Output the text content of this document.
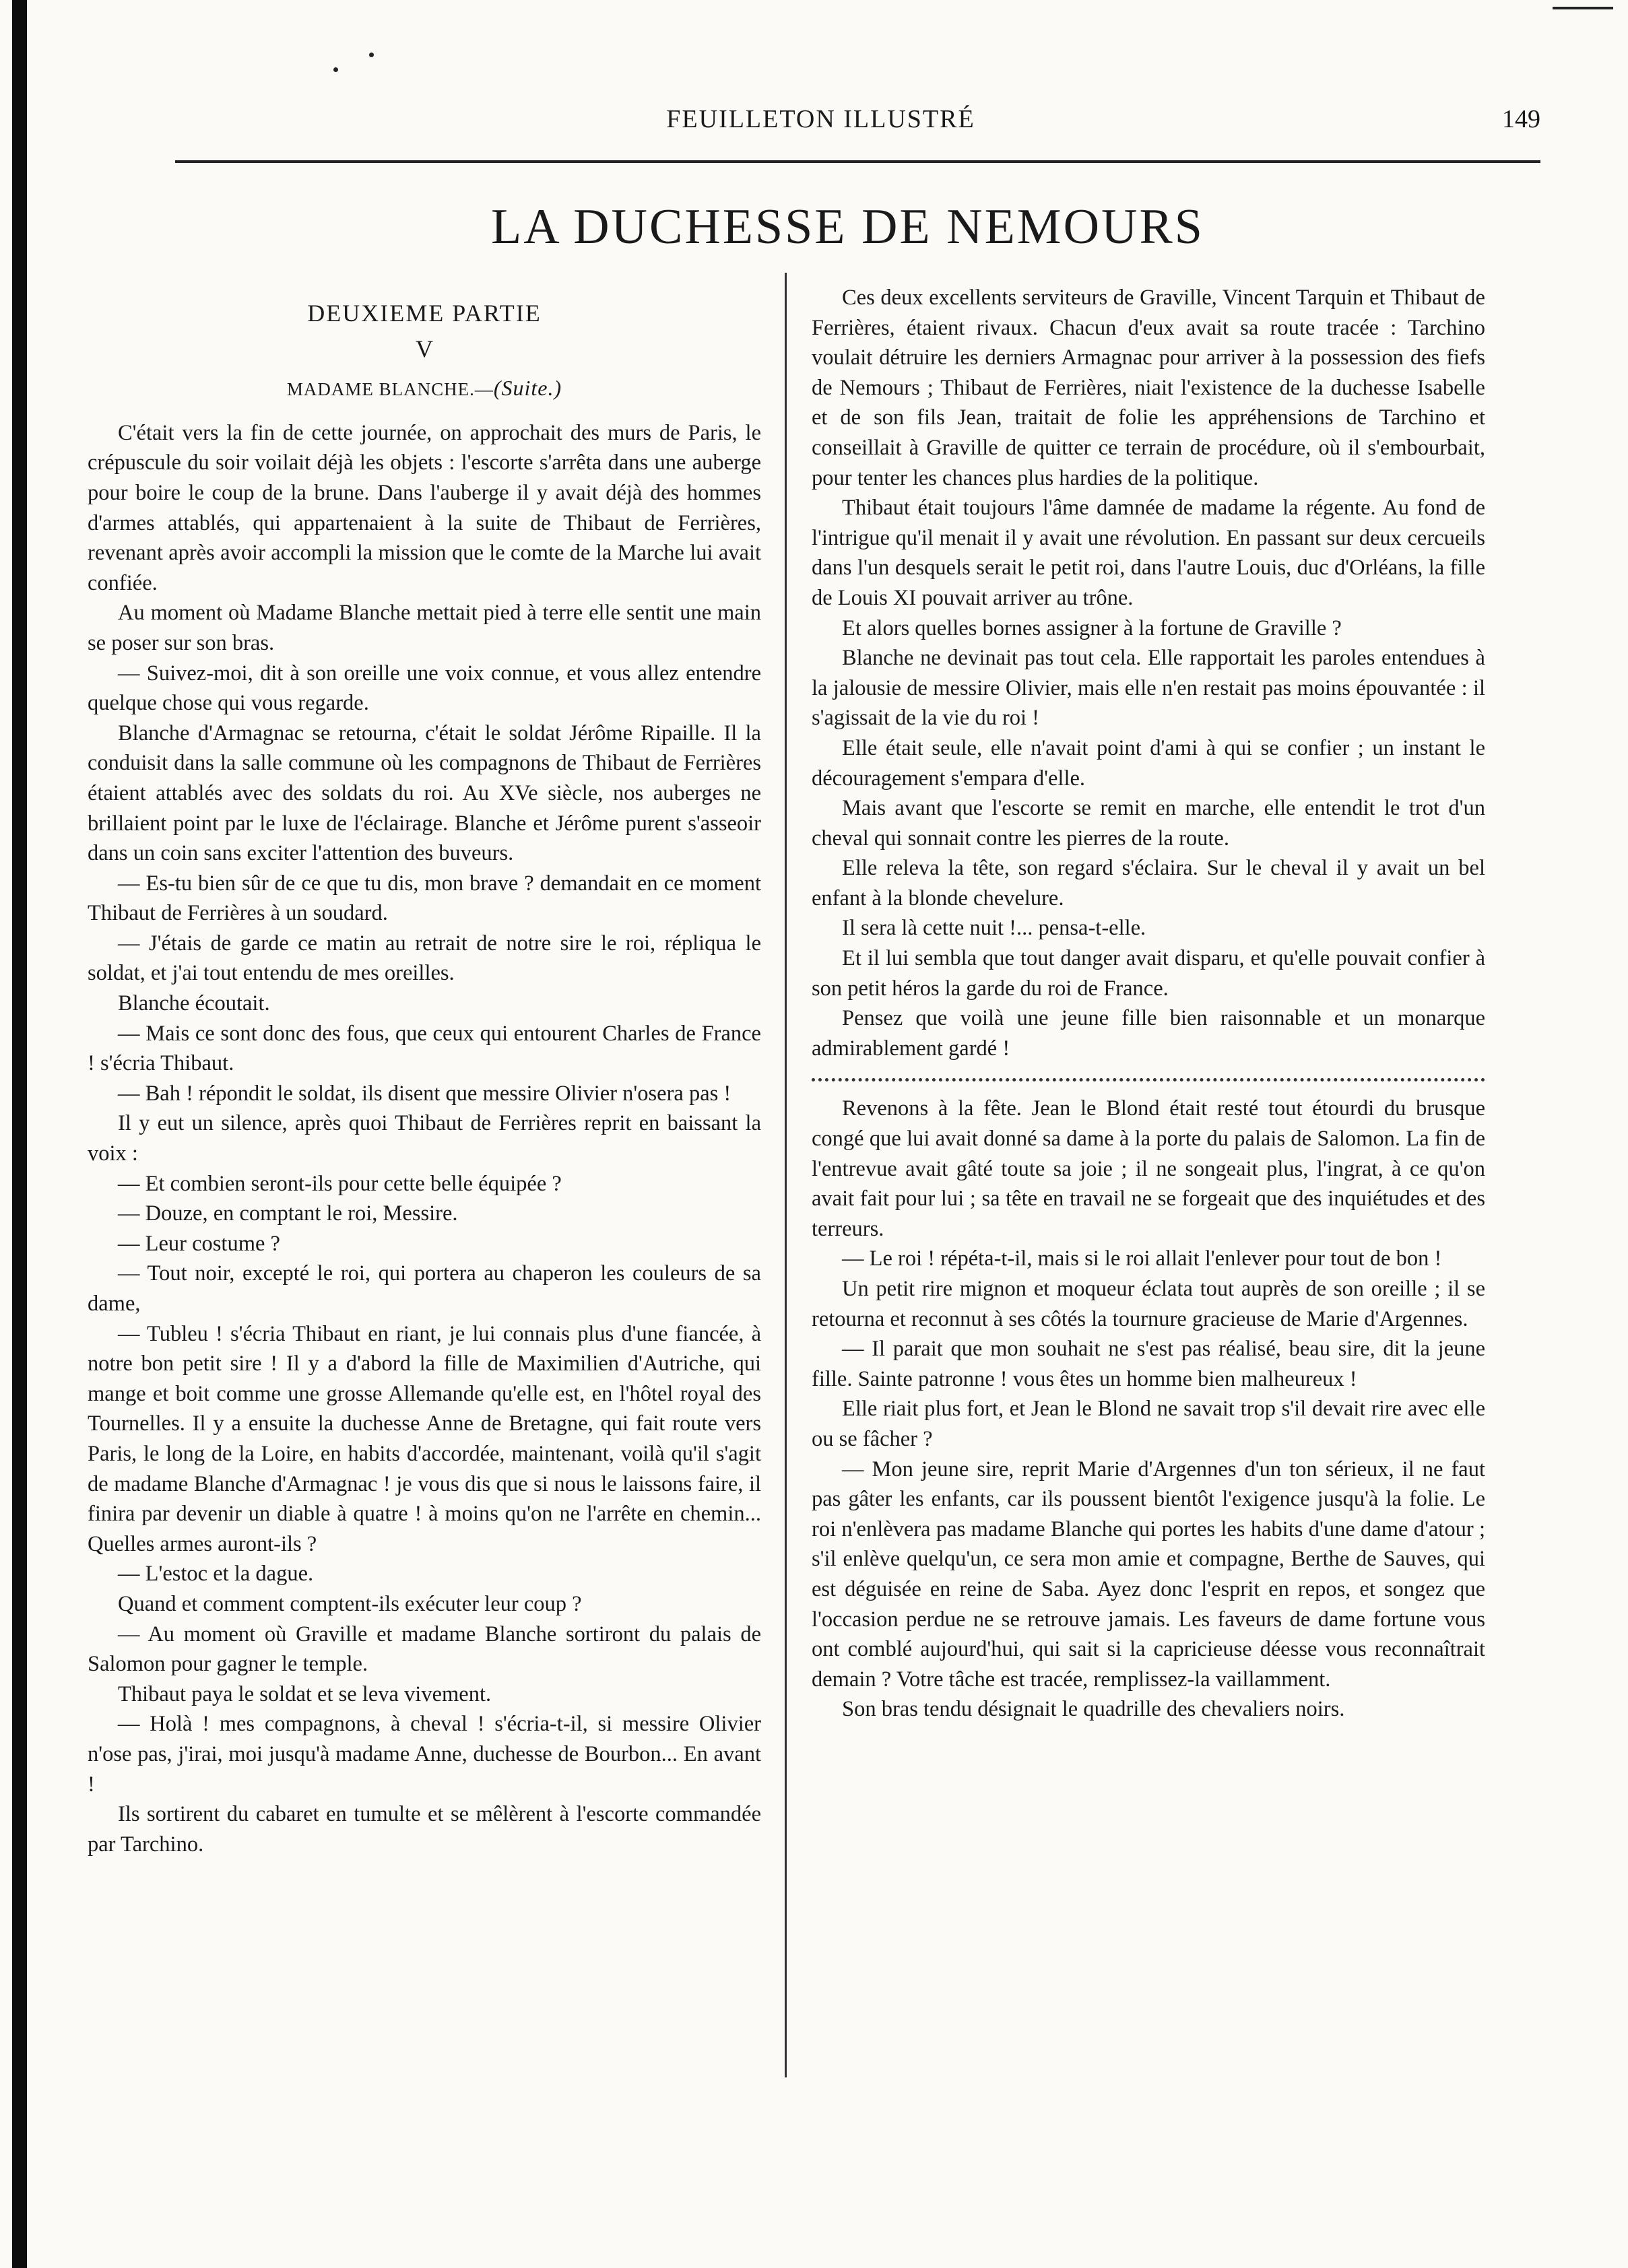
FEUILLETON ILLUSTRÉ	149
LA DUCHESSE DE NEMOURS
DEUXIEME PARTIE
V
MADAME BLANCHE.—(Suite.)

C'était vers la fin de cette journée, on approchait des murs de Paris, le crépuscule du soir voilait déjà les objets : l'escorte s'arrêta dans une auberge pour boire le coup de la brune. Dans l'auberge il y avait déjà des hommes d'armes attablés, qui appartenaient à la suite de Thibaut de Ferrières, revenant après avoir accompli la mission que le comte de la Marche lui avait confiée.

Au moment où Madame Blanche mettait pied à terre elle sentit une main se poser sur son bras.

— Suivez-moi, dit à son oreille une voix connue, et vous allez entendre quelque chose qui vous regarde.

Blanche d'Armagnac se retourna, c'était le soldat Jérôme Ripaille. Il la conduisit dans la salle commune où les compagnons de Thibaut de Ferrières étaient attablés avec des soldats du roi. Au XVe siècle, nos auberges ne brillaient point par le luxe de l'éclairage. Blanche et Jérôme purent s'asseoir dans un coin sans exciter l'attention des buveurs.

— Es-tu bien sûr de ce que tu dis, mon brave ? demandait en ce moment Thibaut de Ferrières à un soudard.

— J'étais de garde ce matin au retrait de notre sire le roi, répliqua le soldat, et j'ai tout entendu de mes oreilles.

Blanche écoutait.

— Mais ce sont donc des fous, que ceux qui entourent Charles de France ! s'écria Thibaut.

— Bah ! répondit le soldat, ils disent que messire Olivier n'osera pas !

Il y eut un silence, après quoi Thibaut de Ferrières reprit en baissant la voix :

— Et combien seront-ils pour cette belle équipée ?

— Douze, en comptant le roi, Messire.

— Leur costume ?

— Tout noir, excepté le roi, qui portera au chaperon les couleurs de sa dame,

— Tubleu ! s'écria Thibaut en riant, je lui connais plus d'une fiancée, à notre bon petit sire ! Il y a d'abord la fille de Maximilien d'Autriche, qui mange et boit comme une grosse Allemande qu'elle est, en l'hôtel royal des Tournelles. Il y a ensuite la duchesse Anne de Bretagne, qui fait route vers Paris, le long de la Loire, en habits d'accordée, maintenant, voilà qu'il s'agit de madame Blanche d'Armagnac ! je vous dis que si nous le laissons faire, il finira par devenir un diable à quatre ! à moins qu'on ne l'arrête en chemin... Quelles armes auront-ils ?

— L'estoc et la dague.

Quand et comment comptent-ils exécuter leur coup ?

— Au moment où Graville et madame Blanche sortiront du palais de Salomon pour gagner le temple.

Thibaut paya le soldat et se leva vivement.

— Holà ! mes compagnons, à cheval ! s'écria-t-il, si messire Olivier n'ose pas, j'irai, moi jusqu'à madame Anne, duchesse de Bourbon... En avant !

Ils sortirent du cabaret en tumulte et se mêlèrent à l'escorte commandée par Tarchino.

Ces deux excellents serviteurs de Graville, Vincent Tarquin et Thibaut de Ferrières, étaient rivaux. Chacun d'eux avait sa route tracée : Tarchino voulait détruire les derniers Armagnac pour arriver à la possession des fiefs de Nemours ; Thibaut de Ferrières, niait l'existence de la duchesse Isabelle et de son fils Jean, traitait de folie les appréhensions de Tarchino et conseillait à Graville de quitter ce terrain de procédure, où il s'embourbait, pour tenter les chances plus hardies de la politique.

Thibaut était toujours l'âme damnée de madame la régente. Au fond de l'intrigue qu'il menait il y avait une révolution. En passant sur deux cercueils dans l'un desquels serait le petit roi, dans l'autre Louis, duc d'Orléans, la fille de Louis XI pouvait arriver au trône.

Et alors quelles bornes assigner à la fortune de Graville ?

Blanche ne devinait pas tout cela. Elle rapportait les paroles entendues à la jalousie de messire Olivier, mais elle n'en restait pas moins épouvantée : il s'agissait de la vie du roi !

Elle était seule, elle n'avait point d'ami à qui se confier ; un instant le découragement s'empara d'elle.

Mais avant que l'escorte se remit en marche, elle entendit le trot d'un cheval qui sonnait contre les pierres de la route.

Elle releva la tête, son regard s'éclaira. Sur le cheval il y avait un bel enfant à la blonde chevelure.

Il sera là cette nuit !... pensa-t-elle.

Et il lui sembla que tout danger avait disparu, et qu'elle pouvait confier à son petit héros la garde du roi de France.

Pensez que voilà une jeune fille bien raisonnable et un monarque admirablement gardé !

Revenons à la fête. Jean le Blond était resté tout étourdi du brusque congé que lui avait donné sa dame à la porte du palais de Salomon. La fin de l'entrevue avait gâté toute sa joie ; il ne songeait plus, l'ingrat, à ce qu'on avait fait pour lui ; sa tête en travail ne se forgeait que des inquiétudes et des terreurs.

— Le roi ! répéta-t-il, mais si le roi allait l'enlever pour tout de bon !

Un petit rire mignon et moqueur éclata tout auprès de son oreille ; il se retourna et reconnut à ses côtés la tournure gracieuse de Marie d'Argennes.

— Il parait que mon souhait ne s'est pas réalisé, beau sire, dit la jeune fille. Sainte patronne ! vous êtes un homme bien malheureux !

Elle riait plus fort, et Jean le Blond ne savait trop s'il devait rire avec elle ou se fâcher ?

— Mon jeune sire, reprit Marie d'Argennes d'un ton sérieux, il ne faut pas gâter les enfants, car ils poussent bientôt l'exigence jusqu'à la folie. Le roi n'enlèvera pas madame Blanche qui portes les habits d'une dame d'atour ; s'il enlève quelqu'un, ce sera mon amie et compagne, Berthe de Sauves, qui est déguisée en reine de Saba. Ayez donc l'esprit en repos, et songez que l'occasion perdue ne se retrouve jamais. Les faveurs de dame fortune vous ont comblé aujourd'hui, qui sait si la capricieuse déesse vous reconnaîtrait demain ? Votre tâche est tracée, remplissez-la vaillamment.

Son bras tendu désignait le quadrille des chevaliers noirs.
